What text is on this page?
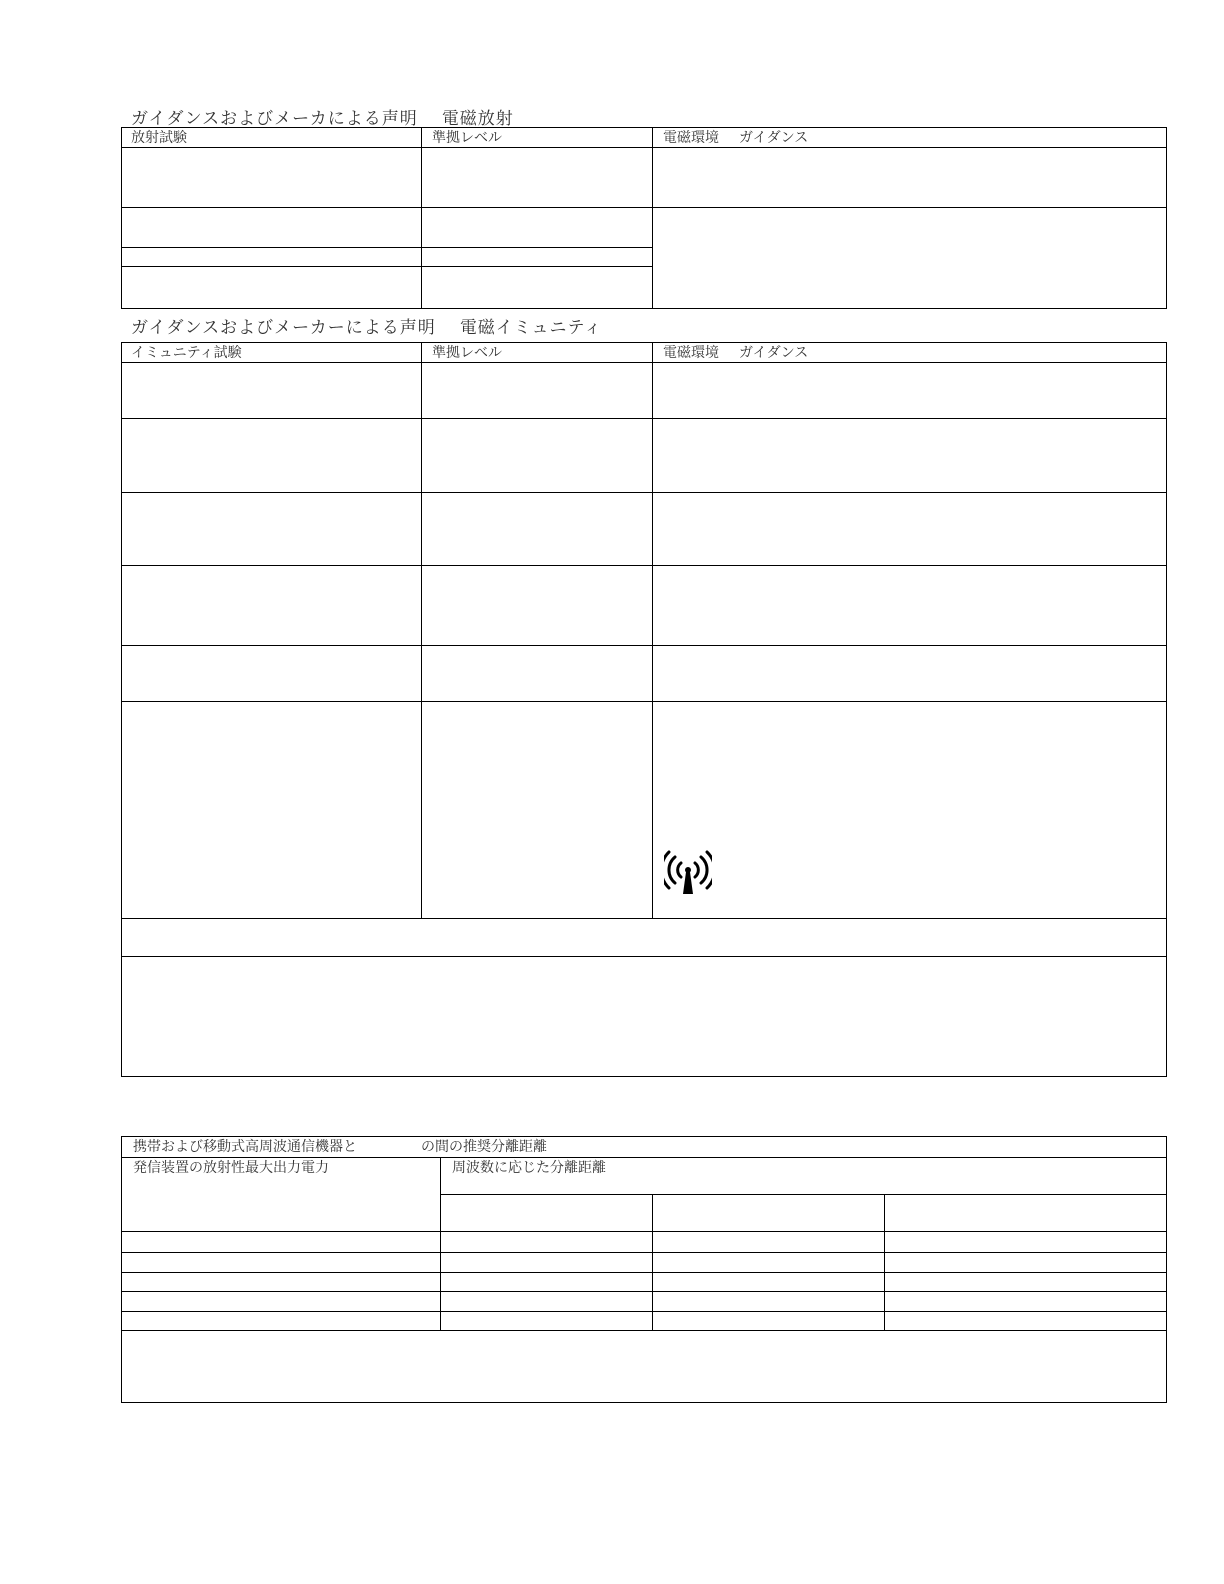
ガイダンスおよびメーカによる声明 電磁放射
放射試験	準拠レベル	電磁環境 ガイダンス
ガイダンスおよびメーカーによる声明 電磁イミュニティ
イミュニティ試験	準拠レベル	電磁環境 ガイダンス
携帯および移動式高周波通信機器と	の間の推奨分離距離
発信装置の放射性最大出力電力	周波数に応じた分離距離
